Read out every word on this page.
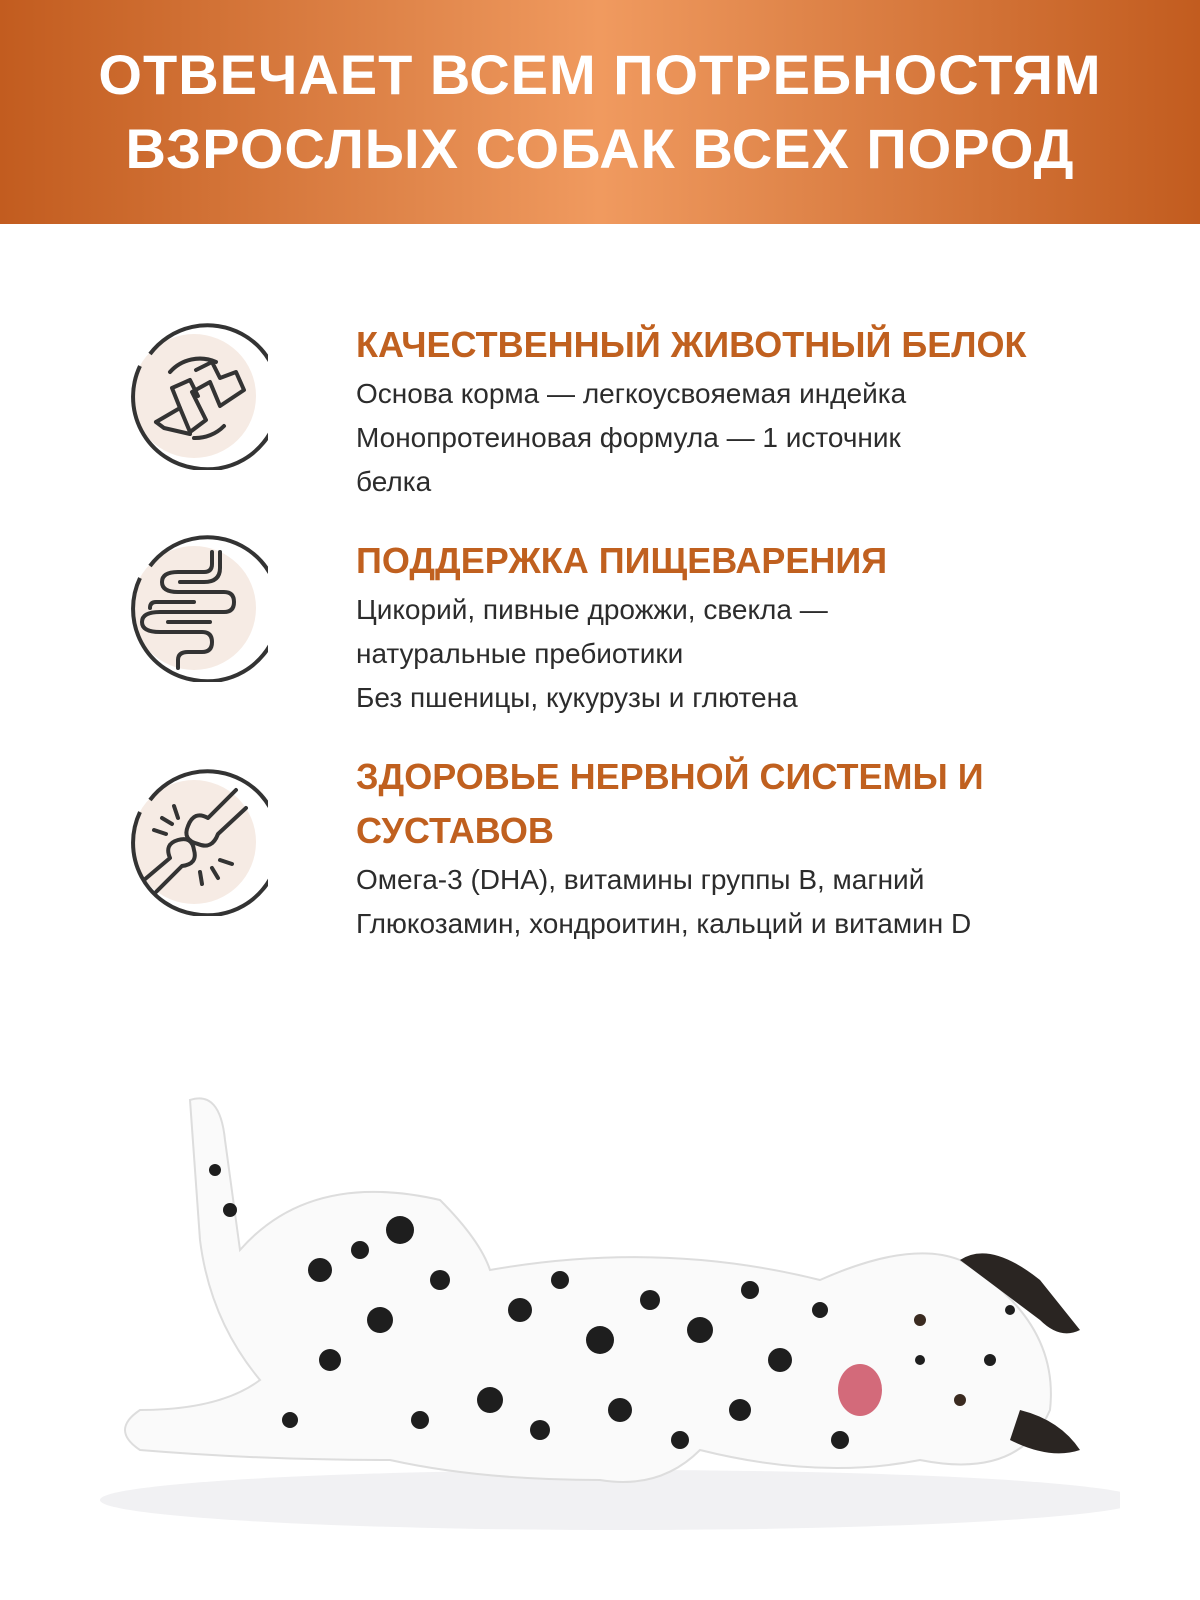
ОТВЕЧАЕТ ВСЕМ ПОТРЕБНОСТЯМ
ВЗРОСЛЫХ СОБАК ВСЕХ ПОРОД
КАЧЕСТВЕННЫЙ ЖИВОТНЫЙ БЕЛОК
Основа корма — легкоусвояемая индейка
Монопротеиновая формула — 1 источник
белка
ПОДДЕРЖКА ПИЩЕВАРЕНИЯ
Цикорий, пивные дрожжи, свекла —
натуральные пребиотики
Без пшеницы, кукурузы и глютена
ЗДОРОВЬЕ НЕРВНОЙ СИСТЕМЫ И
СУСТАВОВ
Омега-3 (DHA), витамины группы B, магний
Глюкозамин, хондроитин, кальций и витамин D
